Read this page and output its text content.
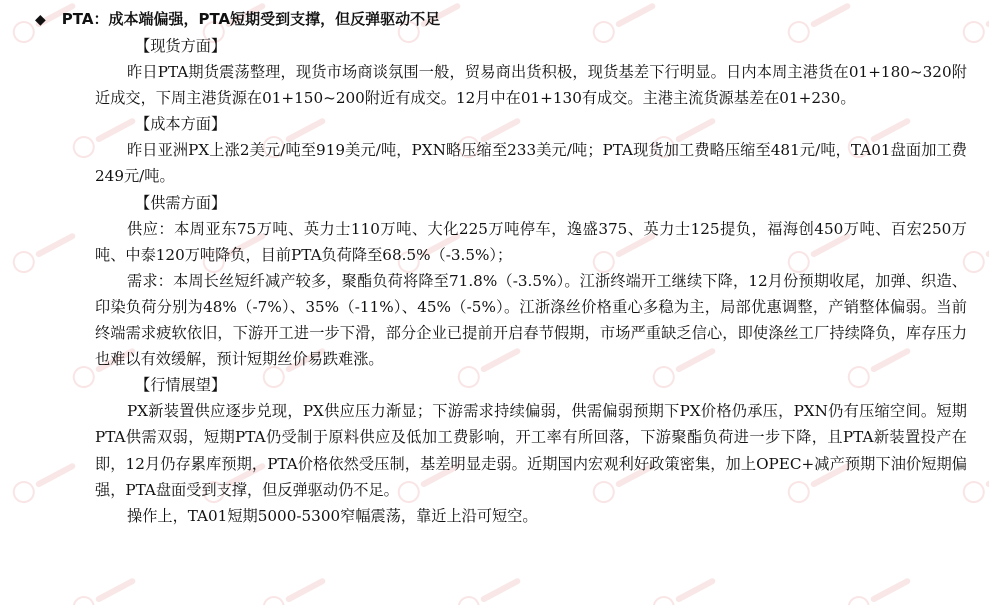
◆ PTA：成本端偏强，PTA短期受到支撑，但反弹驱动不足
【现货方面】

昨日PTA期货震荡整理，现货市场商谈氛围一般，贸易商出货积极，现货基差下行明显。日内本周主港货在01+180~320附近成交，下周主港货源在01+150~200附近有成交。12月中在01+130有成交。主港主流货源基差在01+230。

【成本方面】

昨日亚洲PX上涨2美元/吨至919美元/吨，PXN略压缩至233美元/吨；PTA现货加工费略压缩至481元/吨，TA01盘面加工费249元/吨。

【供需方面】

供应：本周亚东75万吨、英力士110万吨、大化225万吨停车，逸盛375、英力士125提负，福海创450万吨、百宏250万吨、中泰120万吨降负，目前PTA负荷降至68.5%（-3.5%）；

需求：本周长丝短纤减产较多，聚酯负荷将降至71.8%（-3.5%）。江浙终端开工继续下降，12月份预期收尾，加弹、织造、印染负荷分别为48%（-7%）、35%（-11%）、45%（-5%）。江浙涤丝价格重心多稳为主，局部优惠调整，产销整体偏弱。当前终端需求疲软依旧，下游开工进一步下滑，部分企业已提前开启春节假期，市场严重缺乏信心，即使涤丝工厂持续降负，库存压力也难以有效缓解，预计短期丝价易跌难涨。

【行情展望】

PX新装置供应逐步兑现，PX供应压力渐显；下游需求持续偏弱，供需偏弱预期下PX价格仍承压，PXN仍有压缩空间。短期PTA供需双弱，短期PTA仍受制于原料供应及低加工费影响，开工率有所回落，下游聚酯负荷进一步下降，且PTA新装置投产在即，12月仍存累库预期，PTA价格依然受压制，基差明显走弱。近期国内宏观利好政策密集，加上OPEC+减产预期下油价短期偏强，PTA盘面受到支撑，但反弹驱动仍不足。

操作上，TA01短期5000-5300窄幅震荡，靠近上沿可短空。
